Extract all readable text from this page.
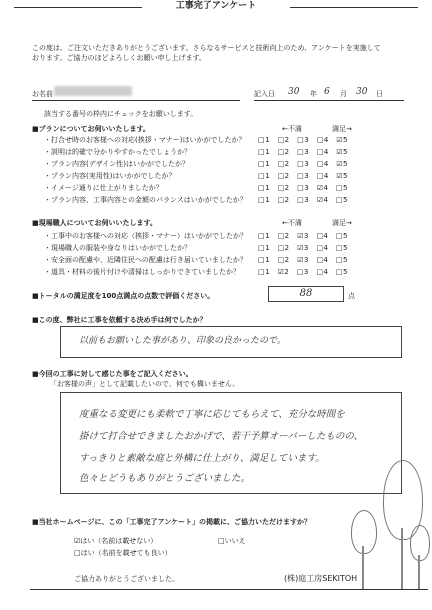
工事完了アンケート
この度は、ご注文いただきありがとうございます。さらなるサービスと技術向上のため、アンケートを実施して
おります。ご協力のほどよろしくお願い申し上げます。
お名前	記入日 30 年 6 月 30 日
該当する番号の枠内にチェックをお願いします。
■プランについてお伺いいたします。	←不満	満足→
・打合せ時のお客様への対応(挨拶・マナー)はいかがでしたか？ □1　□2　□3　□4　☑5
・説明は的確で分かりやすかったでしょうか？	□1　□2　□3　□4　☑5
・プラン内容(デザイン性)はいかがでしたか？	□1　□2　□3　□4　☑5
・プラン内容(実用性)はいかがでしたか？	□1　□2　□3　□4　☑5
・イメージ通りに仕上がりましたか？	□1　□2　□3　☑4　□5
・プラン内容、工事内容との金額のバランスはいかがでしたか？ □1　□2　□3　☑4　□5
■現場職人についてお伺いいたします。	←不満	満足→
・工事中のお客様への対応（挨拶・マナー）はいかがでしたか？ □1　□2　☑3　□4　□5
・現場職人の服装や身なりはいかがでしたか？	□1　□2　☑3　□4　□5
・安全面の配慮や、近隣住民への配慮は行き届いていましたか？ □1　□2　☑3　□4　□5
・道具・材料の後片付けや清掃はしっかりできていましたか？	□1　☑2　□3　□4　□5
■トータルの満足度を100点満点の点数で評価ください。	88	点
■この度、弊社に工事を依頼する決め手は何でしたか？
以前もお願いした事があり、印象の良かったので。
■今回の工事に対して感じた事をご記入ください。
「お客様の声」として記載したいので、何でも構いません。
度重なる変更にも柔軟で丁寧に応じてもらえて、充分な時間を
掛けて打合せできましたおかげで、若干予算オーバーしたものの、
すっきりと素敵な庭と外構に仕上がり、満足しています。
色々とどうもありがとうございました。
■当社ホームページに、この「工事完了アンケート」の掲載に、ご協力いただけますか？
☑はい（名前は載せない）	□いいえ
□はい（名前を載せても良い）
ご協力ありがとうございました。	(株)庭工房SEKITOH
